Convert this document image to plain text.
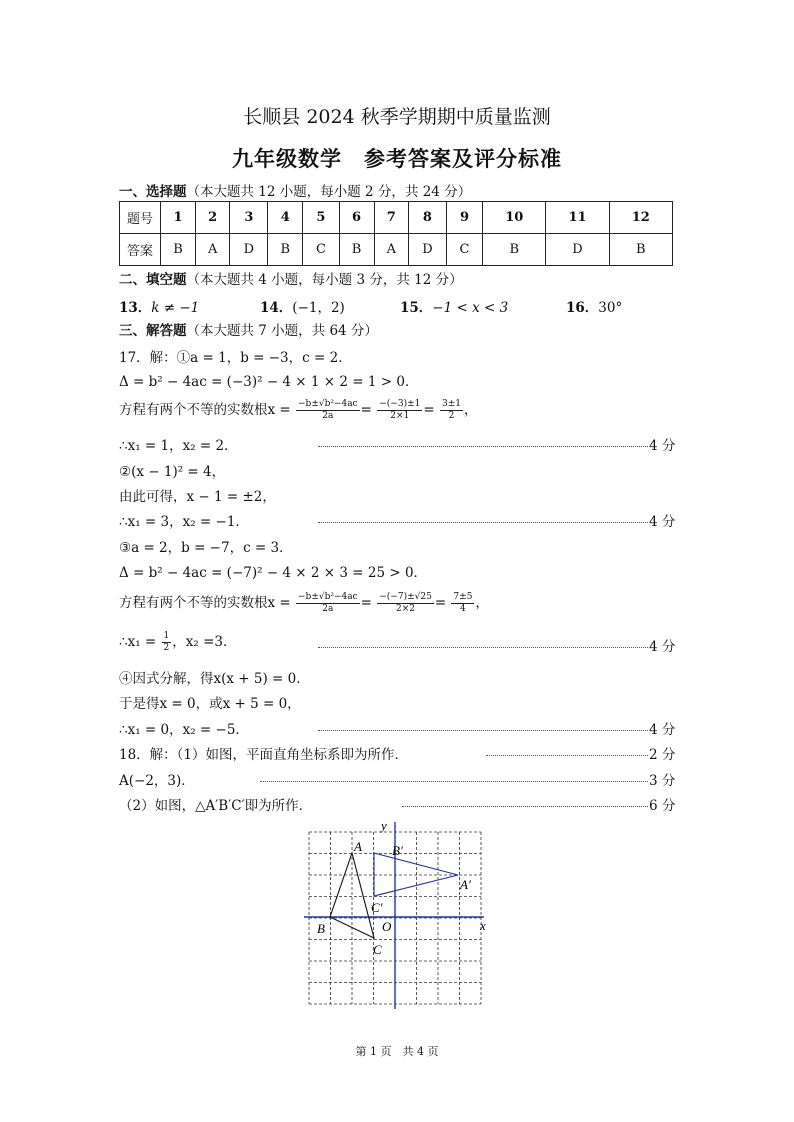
长顺县 2024 秋季学期期中质量监测
九年级数学　参考答案及评分标准
一、选择题（本大题共 12 小题，每小题 2 分，共 24 分）
题号	1	2	3	4	5	6	7	8	9	10	11	12
答案	B	A	D	B	C	B	A	D	C	B	D	B
二、填空题（本大题共 4 小题，每小题 3 分，共 12 分）
13．k ≠ −1	14．(−1，2)	15．−1 < x < 3	16．30°
三、解答题（本大题共 7 小题，共 64 分）
17．解：①a = 1，b = −3，c = 2．
Δ = b² − 4ac = (−3)² − 4 × 1 × 2 = 1 > 0．
方程有两个不等的实数根$x = \frac{\text{−b±√b²−4ac}}{2a} = \frac{-(-3)\pm 1}{2\times 1} = \frac{3\pm 1}{2}$ ，
∴x₁ = 1，x₂ = 2．	4 分
②(x − 1)² = 4，
由此可得，x − 1 = ±2，
∴x₁ = 3，x₂ = −1．	4 分
③a = 2，b = −7，c = 3．
Δ = b² − 4ac = (−7)² − 4 × 2 × 3 = 25 > 0．
方程有两个不等的实数根$x = \frac{\text{−b±√b²−4ac}}{2a} = \frac{-(-7)\pm√25}{2\times 2} = \frac{7\pm 5}{4}$ ，
∴x₁ = $\frac{1}{2}$ ，x₂ =3．	4 分
④因式分解，得x(x + 5) = 0．
于是得x = 0，或x + 5 = 0，
∴x₁ = 0，x₂ = −5．	4 分
18．解：（1）如图，平面直角坐标系即为所作．	2 分
A(−2，3)．	3 分
（2）如图，△A′B′C′即为所作．	6 分
x
y
O
A
B
C
A′
B′
C′
第 1 页　共 4 页
